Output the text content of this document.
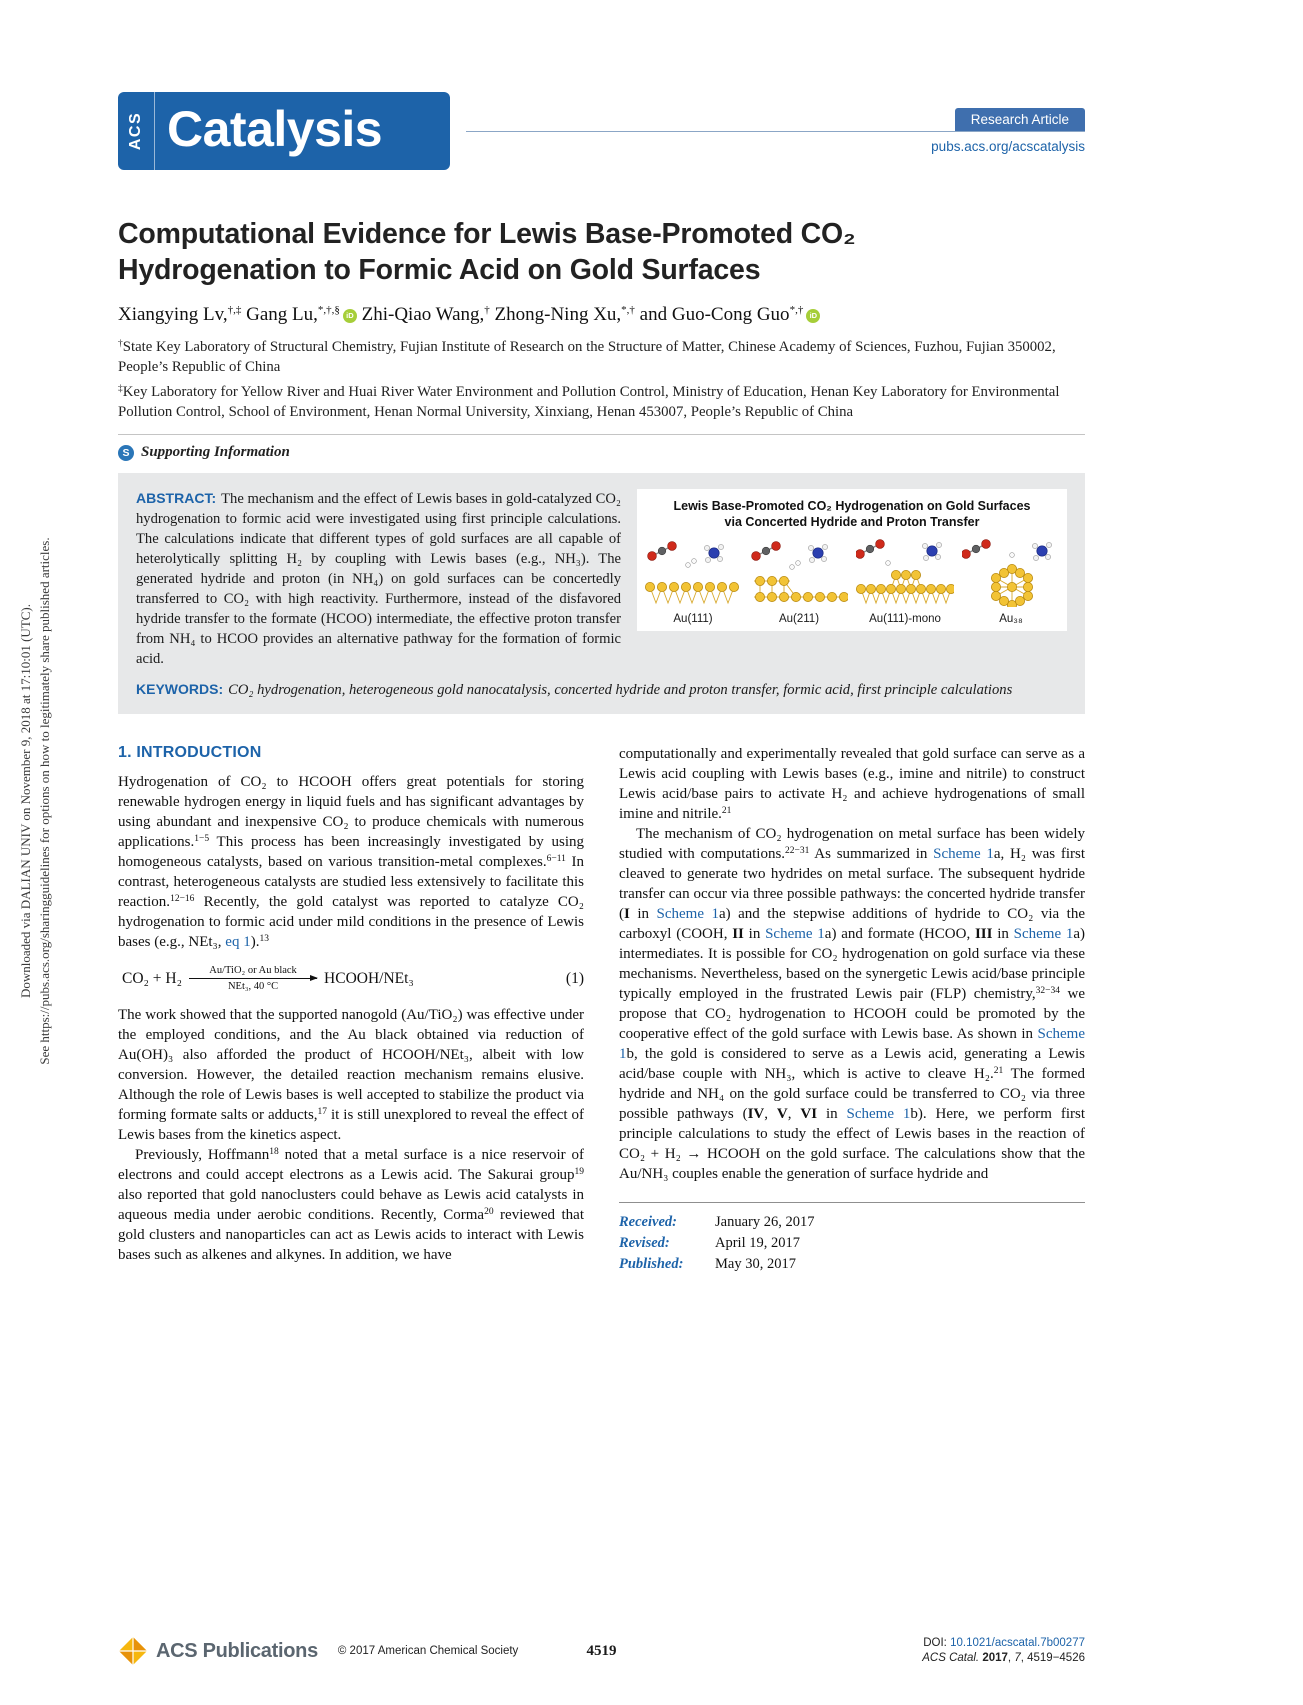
Downloaded via DALIAN UNIV on November 9, 2018 at 17:10:01 (UTC). See https://pubs.acs.org/sharingguidelines for options on how to legitimately share published articles.
ACS Catalysis	Research Article
pubs.acs.org/acscatalysis
Computational Evidence for Lewis Base-Promoted CO₂
Hydrogenation to Formic Acid on Gold Surfaces
Xiangying Lv,†,‡ Gang Lu,*,†,§ iD Zhi-Qiao Wang,† Zhong-Ning Xu,*,† and Guo-Cong Guo*,† iD

†State Key Laboratory of Structural Chemistry, Fujian Institute of Research on the Structure of Matter, Chinese Academy of Sciences, Fuzhou, Fujian 350002, People’s Republic of China

‡Key Laboratory for Yellow River and Huai River Water Environment and Pollution Control, Ministry of Education, Henan Key Laboratory for Environmental Pollution Control, School of Environment, Henan Normal University, Xinxiang, Henan 453007, People’s Republic of China

S Supporting Information
Lewis Base-Promoted CO₂ Hydrogenation on Gold Surfaces
via Concerted Hydride and Proton Transfer
Au(111)	Au(211)	Au(111)-mono	Au₃₈

ABSTRACT: The mechanism and the effect of Lewis bases in gold-catalyzed CO₂ hydrogenation to formic acid were investigated using first principle calculations. The calculations indicate that different types of gold surfaces are all capable of heterolytically splitting H₂ by coupling with Lewis bases (e.g., NH₃). The generated hydride and proton (in NH₄) on gold surfaces can be concertedly transferred to CO₂ with high reactivity. Furthermore, instead of the disfavored hydride transfer to the formate (HCOO) intermediate, the effective proton transfer from NH₄ to HCOO provides an alternative pathway for the formation of formic acid.

KEYWORDS: CO₂ hydrogenation, heterogeneous gold nanocatalysis, concerted hydride and proton transfer, formic acid, first principle calculations
1. INTRODUCTION

Hydrogenation of CO₂ to HCOOH offers great potentials for storing renewable hydrogen energy in liquid fuels and has significant advantages by using abundant and inexpensive CO₂ to produce chemicals with numerous applications.$^{1-5}$ This process has been increasingly investigated by using homogeneous catalysts, based on various transition-metal complexes.$^{6-11}$ In contrast, heterogeneous catalysts are studied less extensively to facilitate this reaction.$^{12-16}$ Recently, the gold catalyst was reported to catalyze CO₂ hydrogenation to formic acid under mild conditions in the presence of Lewis bases (e.g., NEt₃, eq 1).$^{13}$

CO₂ + H₂	Au/TiO₂ or Au black
NEt₃, 40 °C	HCOOH/NEt₃	(1)

The work showed that the supported nanogold (Au/TiO₂) was effective under the employed conditions, and the Au black obtained via reduction of Au(OH)₃ also afforded the product of HCOOH/NEt₃, albeit with low conversion. However, the detailed reaction mechanism remains elusive. Although the role of Lewis bases is well accepted to stabilize the product via forming formate salts or adducts,$^{17}$ it is still unexplored to reveal the effect of Lewis bases from the kinetics aspect.

Previously, Hoffmann$^{18}$ noted that a metal surface is a nice reservoir of electrons and could accept electrons as a Lewis acid. The Sakurai group$^{19}$ also reported that gold nanoclusters could behave as Lewis acid catalysts in aqueous media under aerobic conditions. Recently, Corma$^{20}$ reviewed that gold clusters and nanoparticles can act as Lewis acids to interact with Lewis bases such as alkenes and alkynes. In addition, we have

computationally and experimentally revealed that gold surface can serve as a Lewis acid coupling with Lewis bases (e.g., imine and nitrile) to construct Lewis acid/base pairs to activate H₂ and achieve hydrogenations of small imine and nitrile.$^{21}$

The mechanism of CO₂ hydrogenation on metal surface has been widely studied with computations.$^{22-31}$ As summarized in Scheme 1a, H₂ was first cleaved to generate two hydrides on metal surface. The subsequent hydride transfer can occur via three possible pathways: the concerted hydride transfer (I in Scheme 1a) and the stepwise additions of hydride to CO₂ via the carboxyl (COOH, II in Scheme 1a) and formate (HCOO, III in Scheme 1a) intermediates. It is possible for CO₂ hydrogenation on gold surface via these mechanisms. Nevertheless, based on the synergetic Lewis acid/base principle typically employed in the frustrated Lewis pair (FLP) chemistry,$^{32-34}$ we propose that CO₂ hydrogenation to HCOOH could be promoted by the cooperative effect of the gold surface with Lewis base. As shown in Scheme 1b, the gold is considered to serve as a Lewis acid, generating a Lewis acid/base couple with NH₃, which is active to cleave H₂.$^{21}$ The formed hydride and NH₄ on the gold surface could be transferred to CO₂ via three possible pathways (IV, V, VI in Scheme 1b). Here, we perform first principle calculations to study the effect of Lewis bases in the reaction of CO₂ + H₂ → HCOOH on the gold surface. The calculations show that the Au/NH₃ couples enable the generation of surface hydride and

Received:	January 26, 2017
Revised:	April 19, 2017
Published:	May 30, 2017
ACS Publications © 2017 American Chemical Society	4519	DOI: 10.1021/acscatal.7b00277
ACS Catal. 2017, 7, 4519−4526
